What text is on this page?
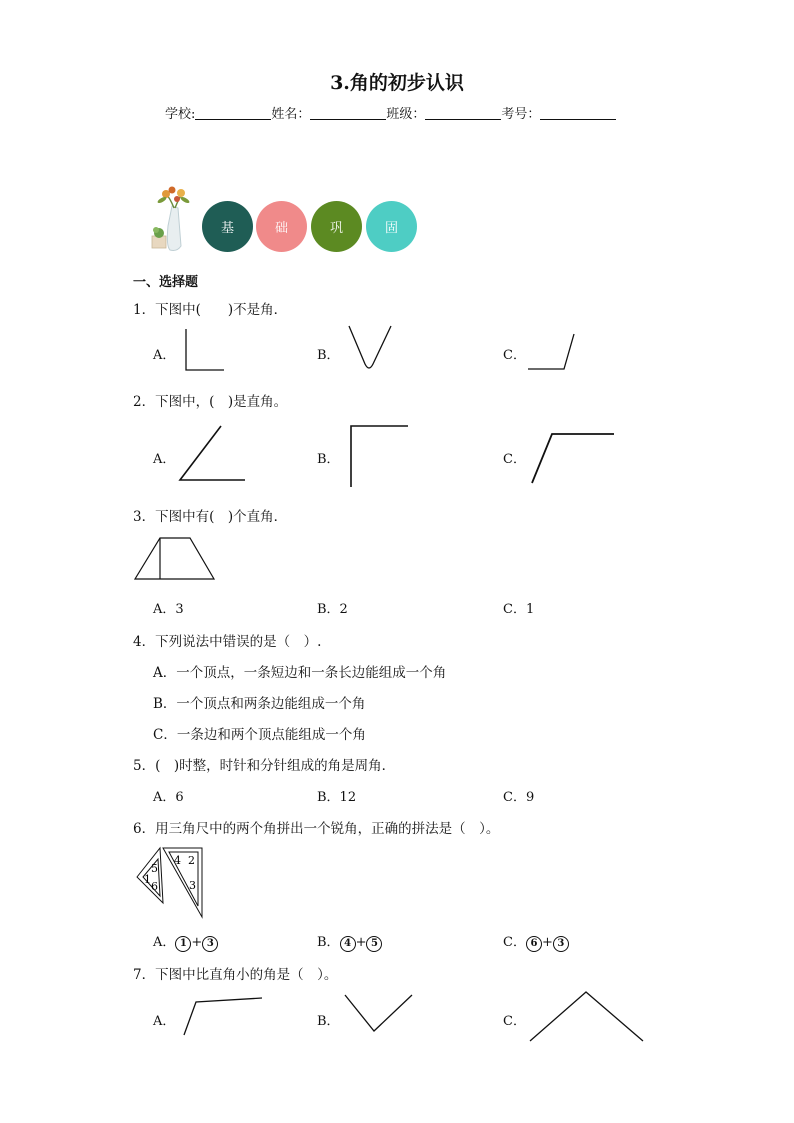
3.角的初步认识
学校:	姓名：	班级：	考号：
基	础	巩	固
一、选择题
1．下图中(　　)不是角．
A．	B．	C．
2．下图中，(　)是直角。
A．	B．	C．
3．下图中有(　)个直角．
A．3	B．2	C．1
4．下列说法中错误的是（　）.
A．一个顶点，一条短边和一条长边能组成一个角
B．一个顶点和两条边能组成一个角
C．一条边和两个顶点能组成一个角
5．(　)时整，时针和分针组成的角是周角．
A．6	B．12	C．9
6．用三角尺中的两个角拼出一个锐角，正确的拼法是（　）。
5
1
6
4 2
3
A． 1 + 3	B． 4 + 5	C． 6 + 3
7．下图中比直角小的角是（　）。
A．	B．	C．
